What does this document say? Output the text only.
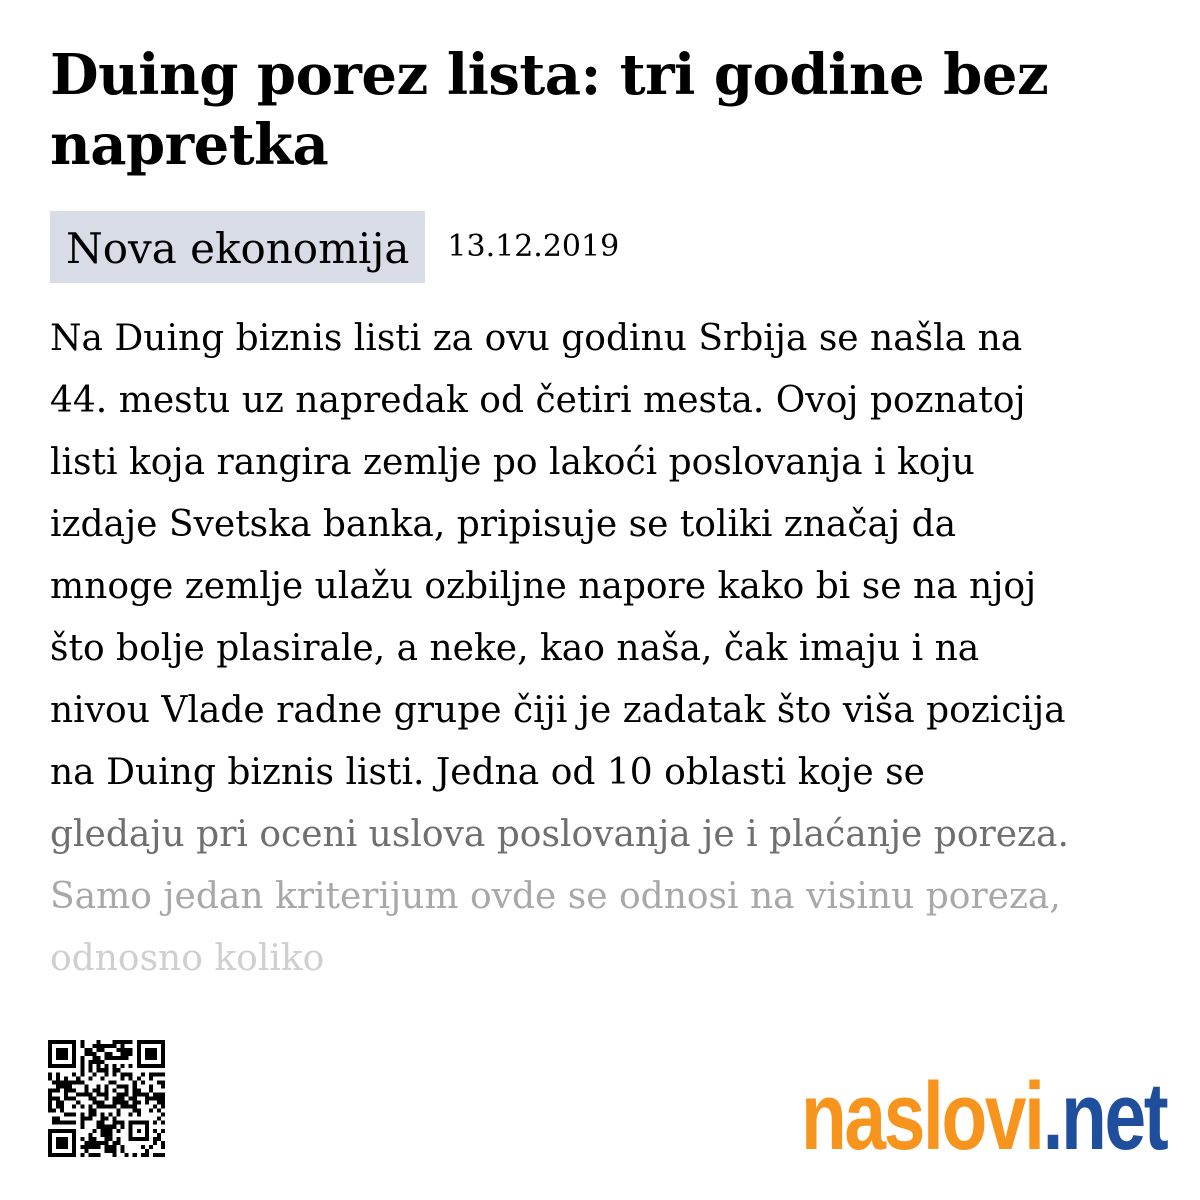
Duing porez lista: tri godine bez napretka
Nova ekonomija	13.12.2019
Na Duing biznis listi za ovu godinu Srbija se našla na
44. mestu uz napredak od četiri mesta. Ovoj poznatoj
listi koja rangira zemlje po lakoći poslovanja i koju
izdaje Svetska banka, pripisuje se toliki značaj da
mnoge zemlje ulažu ozbiljne napore kako bi se na njoj
što bolje plasirale, a neke, kao naša, čak imaju i na
nivou Vlade radne grupe čiji je zadatak što viša pozicija
na Duing biznis listi. Jedna od 10 oblasti koje se
gledaju pri oceni uslova poslovanja je i plaćanje poreza.
Samo jedan kriterijum ovde se odnosi na visinu poreza,
odnosno koliko
naslovi .net
